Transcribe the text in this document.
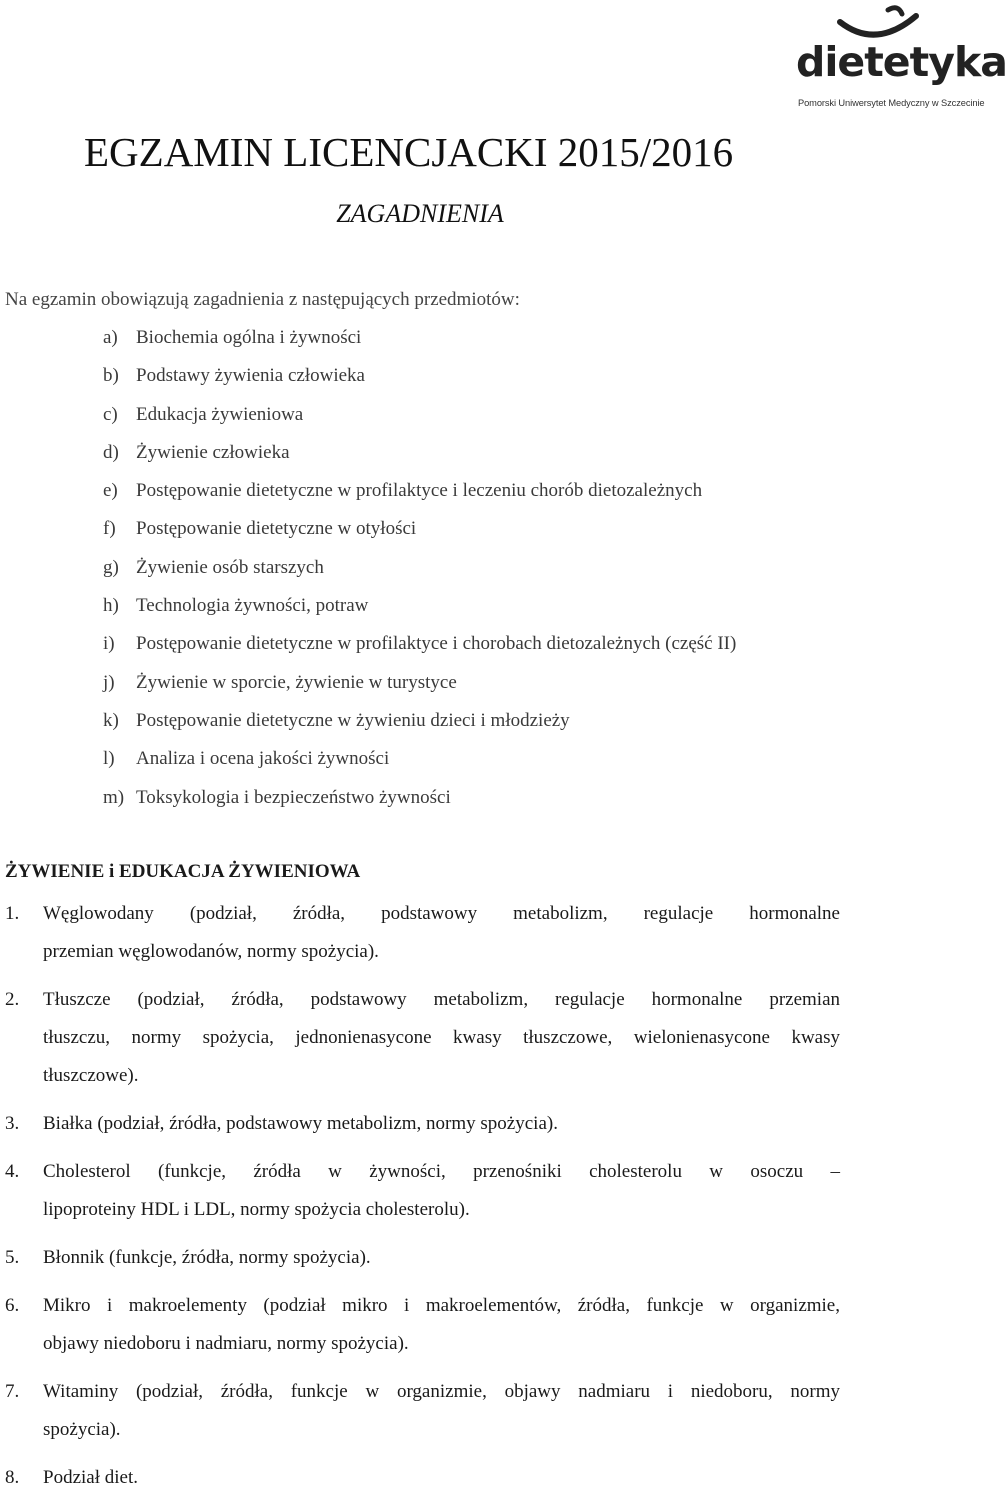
dietetyka
Pomorski Uniwersytet Medyczny w Szczecinie
EGZAMIN LICENCJACKI 2015/2016
ZAGADNIENIA
Na egzamin obowiązują zagadnienia z następujących przedmiotów:
a) Biochemia ogólna i żywności
b) Podstawy żywienia człowieka
c) Edukacja żywieniowa
d) Żywienie człowieka
e) Postępowanie dietetyczne w profilaktyce i leczeniu chorób dietozależnych
f) Postępowanie dietetyczne w otyłości
g) Żywienie osób starszych
h) Technologia żywności, potraw
i) Postępowanie dietetyczne w profilaktyce i chorobach dietozależnych (część II)
j) Żywienie w sporcie, żywienie w turystyce
k) Postępowanie dietetyczne w żywieniu dzieci i młodzieży
l) Analiza i ocena jakości żywności
m) Toksykologia i bezpieczeństwo żywności
ŻYWIENIE i EDUKACJA ŻYWIENIOWA
1. Węglowodany (podział, źródła, podstawowy metabolizm, regulacje hormonalne
przemian węglowodanów, normy spożycia).
2. Tłuszcze (podział, źródła, podstawowy metabolizm, regulacje hormonalne przemian
tłuszczu, normy spożycia, jednonienasycone kwasy tłuszczowe, wielonienasycone kwasy
tłuszczowe).
3. Białka (podział, źródła, podstawowy metabolizm, normy spożycia).
4. Cholesterol (funkcje, źródła w żywności, przenośniki cholesterolu w osoczu –
lipoproteiny HDL i LDL, normy spożycia cholesterolu).
5. Błonnik (funkcje, źródła, normy spożycia).
6. Mikro i makroelementy (podział mikro i makroelementów, źródła, funkcje w organizmie,
objawy niedoboru i nadmiaru, normy spożycia).
7. Witaminy (podział, źródła, funkcje w organizmie, objawy nadmiaru i niedoboru, normy
spożycia).
8. Podział diet.
